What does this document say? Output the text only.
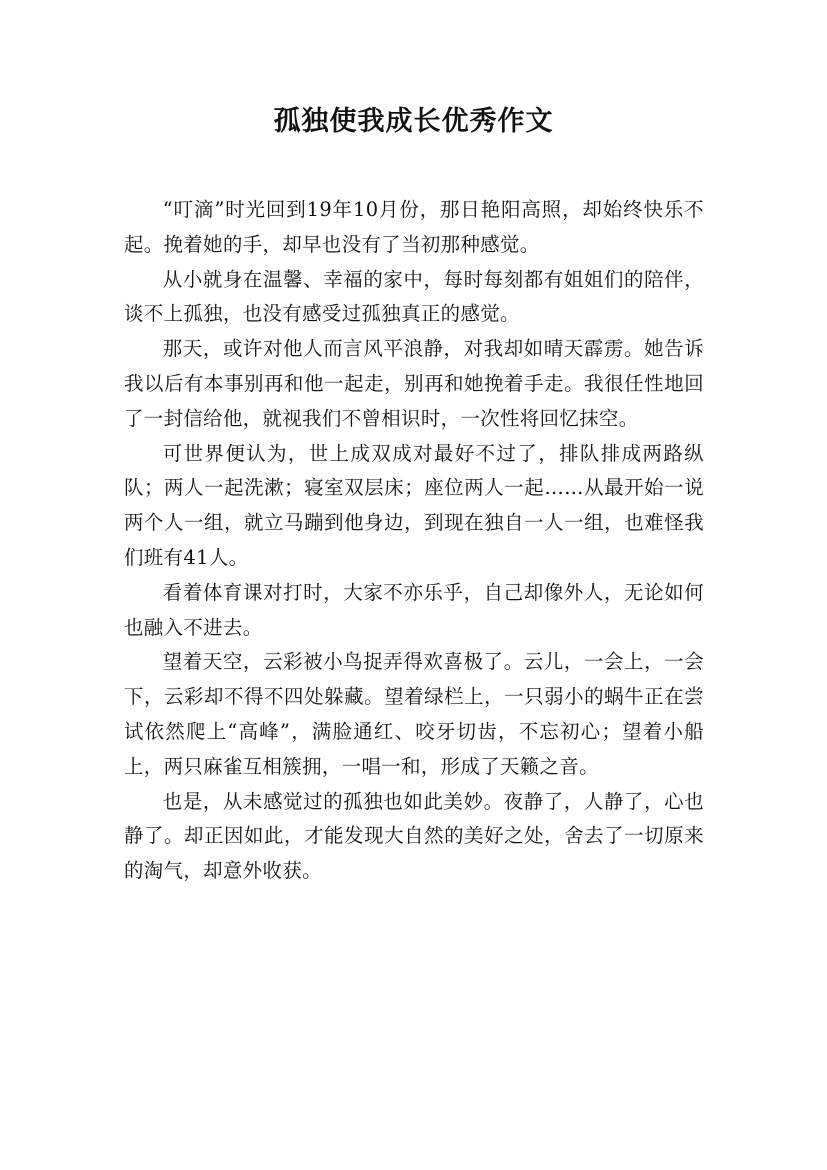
孤独使我成长优秀作文

“叮滴”时光回到19年10月份，那日艳阳高照，却始终快乐不起。挽着她的手，却早也没有了当初那种感觉。

从小就身在温馨、幸福的家中，每时每刻都有姐姐们的陪伴，谈不上孤独，也没有感受过孤独真正的感觉。

那天，或许对他人而言风平浪静，对我却如晴天霹雳。她告诉我以后有本事别再和他一起走，别再和她挽着手走。我很任性地回了一封信给他，就视我们不曾相识时，一次性将回忆抹空。

可世界便认为，世上成双成对最好不过了，排队排成两路纵队；两人一起洗漱；寝室双层床；座位两人一起……从最开始一说两个人一组，就立马蹦到他身边，到现在独自一人一组，也难怪我们班有41人。

看着体育课对打时，大家不亦乐乎，自己却像外人，无论如何也融入不进去。

望着天空，云彩被小鸟捉弄得欢喜极了。云儿，一会上，一会下，云彩却不得不四处躲藏。望着绿栏上，一只弱小的蜗牛正在尝试依然爬上“高峰”，满脸通红、咬牙切齿，不忘初心；望着小船上，两只麻雀互相簇拥，一唱一和，形成了天籁之音。

也是，从未感觉过的孤独也如此美妙。夜静了，人静了，心也静了。却正因如此，才能发现大自然的美好之处，舍去了一切原来的淘气，却意外收获。
